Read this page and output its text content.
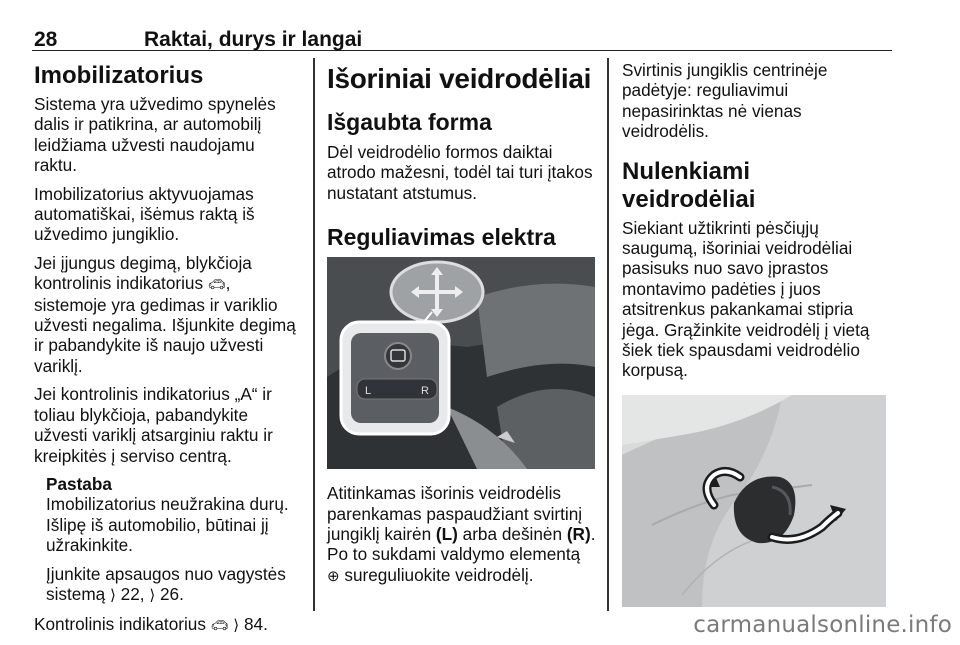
28	Raktai, durys ir langai
Imobilizatorius

Sistema yra užvedimo spynelės dalis ir patikrina, ar automobilį leidžiama užvesti naudojamu raktu.

Imobilizatorius aktyvuojamas automatiškai, išėmus raktą iš užvedimo jungiklio.

Jei įjungus degimą, blykčioja kontrolinis indikatorius 🚗︎, sistemoje yra gedimas ir variklio užvesti negalima. Išjunkite degimą ir pabandykite iš naujo užvesti variklį.

Jei kontrolinis indikatorius „A“ ir toliau blykčioja, pabandykite užvesti variklį atsarginiu raktu ir kreipkitės į serviso centrą.

Pastaba

Imobilizatorius neužrakina durų. Išlipę iš automobilio, būtinai jį užrakinkite.

Įjunkite apsaugos nuo vagystės sistemą ⟩ 22, ⟩ 26.

Kontrolinis indikatorius 🚗︎ ⟩ 84.

Išoriniai veidrodėliai
Išgaubta forma

Dėl veidrodėlio formos daiktai atrodo mažesni, todėl tai turi įtakos nustatant atstumus.

Reguliavimas elektra
L	R

Atitinkamas išorinis veidrodėlis parenkamas paspaudžiant svirtinį jungiklį kairėn (L) arba dešinėn (R). Po to sukdami valdymo elementą ⊕ sureguliuokite veidrodėlį.

Svirtinis jungiklis centrinėje padėtyje: reguliavimui nepasirinktas nė vienas veidrodėlis.

Nulenkiami veidrodėliai

Siekiant užtikrinti pėsčiųjų saugumą, išoriniai veidrodėliai pasisuks nuo savo įprastos montavimo padėties į juos atsitrenkus pakankamai stipria jėga. Grąžinkite veidrodėlį į vietą šiek tiek spausdami veidrodėlio korpusą.

carmanualsonline.info
